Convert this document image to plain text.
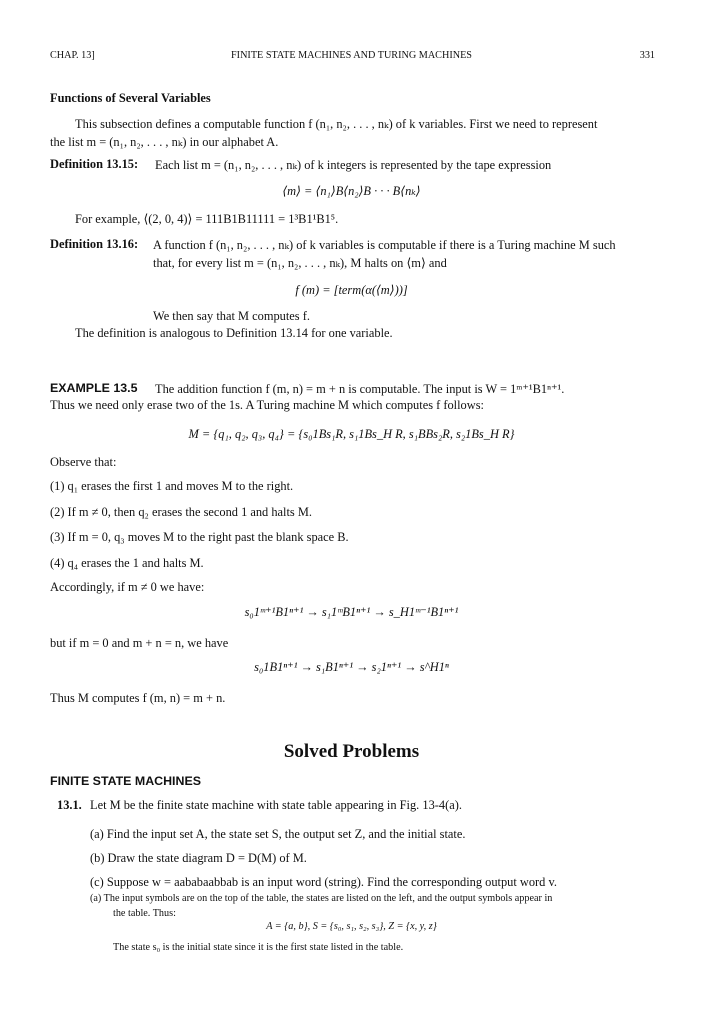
CHAP. 13]	FINITE STATE MACHINES AND TURING MACHINES	331
Functions of Several Variables
This subsection defines a computable function f (n₁, n₂, . . . , nₖ) of k variables. First we need to represent
the list m = (n₁, n₂, . . . , nₖ) in our alphabet A.
Definition 13.15: Each list m = (n₁, n₂, . . . , nₖ) of k integers is represented by the tape expression
⟨m⟩ = ⟨n₁⟩B⟨n₂⟩B · · · B⟨nₖ⟩
For example, ⟨(2, 0, 4)⟩ = 111B1B11111 = 1³B1¹B1⁵.
Definition 13.16: A function f (n₁, n₂, . . . , nₖ) of k variables is computable if there is a Turing machine M such
that, for every list m = (n₁, n₂, . . . , nₖ), M halts on ⟨m⟩ and
f (m) = [term(α(⟨m⟩))]
We then say that M computes f.
The definition is analogous to Definition 13.14 for one variable.
EXAMPLE 13.5 The addition function f (m, n) = m + n is computable. The input is W = 1ᵐ⁺¹B1ⁿ⁺¹.
Thus we need only erase two of the 1s. A Turing machine M which computes f follows:
M = {q₁, q₂, q₃, q₄} = {s₀1Bs₁R, s₁1Bs_H R, s₁BBs₂R, s₂1Bs_H R}
Observe that:
(1) q₁ erases the first 1 and moves M to the right.
(2) If m ≠ 0, then q₂ erases the second 1 and halts M.
(3) If m = 0, q₃ moves M to the right past the blank space B.
(4) q₄ erases the 1 and halts M.
Accordingly, if m ≠ 0 we have:
s₀1ᵐ⁺¹B1ⁿ⁺¹ → s₁1ᵐB1ⁿ⁺¹ → s_H1ᵐ⁻¹B1ⁿ⁺¹
but if m = 0 and m + n = n, we have
s₀1B1ⁿ⁺¹ → s₁B1ⁿ⁺¹ → s₂1ⁿ⁺¹ → s^H1ⁿ
Thus M computes f (m, n) = m + n.
Solved Problems
FINITE STATE MACHINES
13.1. Let M be the finite state machine with state table appearing in Fig. 13-4(a).
(a) Find the input set A, the state set S, the output set Z, and the initial state.
(b) Draw the state diagram D = D(M) of M.
(c) Suppose w = aababaabbab is an input word (string). Find the corresponding output word v.
(a) The input symbols are on the top of the table, the states are listed on the left, and the output symbols appear in
the table. Thus:
A = {a, b}, S = {s₀, s₁, s₂, s₃}, Z = {x, y, z}
The state s₀ is the initial state since it is the first state listed in the table.
